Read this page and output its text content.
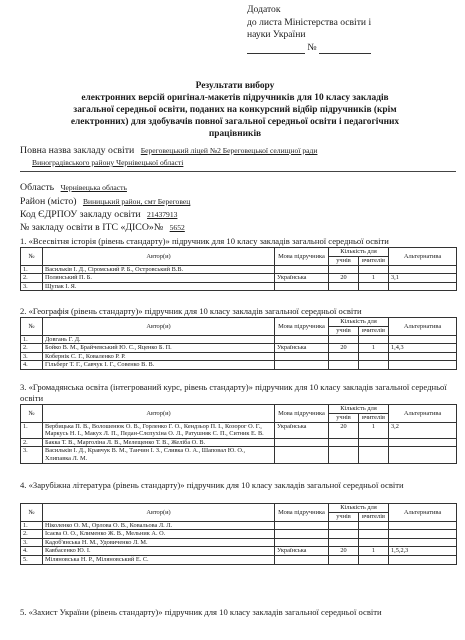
Додаток
до листа Міністерства освіти і
науки України
№
Результати вибору
електронних версій оригінал-макетів підручників для 10 класу закладів
загальної середньої освіти, поданих на конкурсний відбір підручників (крім
електронних) для здобувачів повної загальної середньої освіти і педагогічних
працівників
Повна назва закладу освіти Береговецький ліцей №2 Береговецької селищної ради
Виноградівського району Чернівецької області
Область Чернівецька область
Район (місто) Виницький район, смт Береговец
Код ЄДРПОУ закладу освіти 21437913
№ закладу освіти в ІТС «ДІСО»№ 5652
1. «Всесвітня історія (рівень стандарту)» підручник для 10 класу закладів загальної середньої освіти
№	Автор(и)	Мова підручника	Кількість для		Альтернатива
			учнів	вчителів	
1.	Васильків І. Д., Сіромський Р. Б., Островський В.В.				
2.	Полянський П. Б.	Українська	20	1	3,1
3.	Щупак І. Я.				
2. «Географія (рівень стандарту)» підручник для 10 класу закладів загальної середньої освіти
№	Автор(и)	Мова підручника	Кількість для		Альтернатива
			учнів	вчителів	
1.	Довгань Г. Д.				
2.	Бойко В. М., Брайчевський Ю. С., Яценко Б. П.	Українська	20	1	1,4,3
3.	Кобернік С. Г., Коваленко Р. Р.				
4.	Гільберг Т. Г., Савчук І. Г., Совенко В. В.				
3. «Громадянська освіта (інтегрований курс, рівень стандарту)» підручник для 10 класу закладів загальної середньої освіти
№	Автор(и)	Мова підручника	Кількість для		Альтернатива
			учнів	вчителів	
1.	Вербицька П. В., Волошенюк О. В., Горленко Г. О., Кендзьор П. І., Козорог О. Г., Маркусь Н. І., Макух Л. П., Педан-Слєпухіна О. Л., Ратушняк С. П., Ситник Е. В.	Українська	20	1	3,2
2.	Бакка Т. В., Марголіна Л. В., Мелещенко Т. В., Желіба О. В.				
3.	Васильків І. Д., Кравчук В. М., Танчин І. З., Сливка О. А., Шаповал Ю. О., Хлипавка Л. М.				
4. «Зарубіжна література (рівень стандарту)» підручник для 10 класу закладів загальної середньої освіти
№	Автор(и)	Мова підручника	Кількість для		Альтернатива
			учнів	вчителів	
1.	Ніколенко О. М., Орлова О. В., Ковальова Л. Л.				
2.	Ісаєва О. О., Клименко Ж. В., Мельник А. О.				
3.	Кадоб'янська Н. М., Удовиченко Л. М.				
4.	Кавбасенко Ю. І.	Українська	20	1	1,5,2,3
5.	Міляновська Н. Р., Міляновський Е. С.				
5. «Захист України (рівень стандарту)» підручник для 10 класу закладів загальної середньої освіти
